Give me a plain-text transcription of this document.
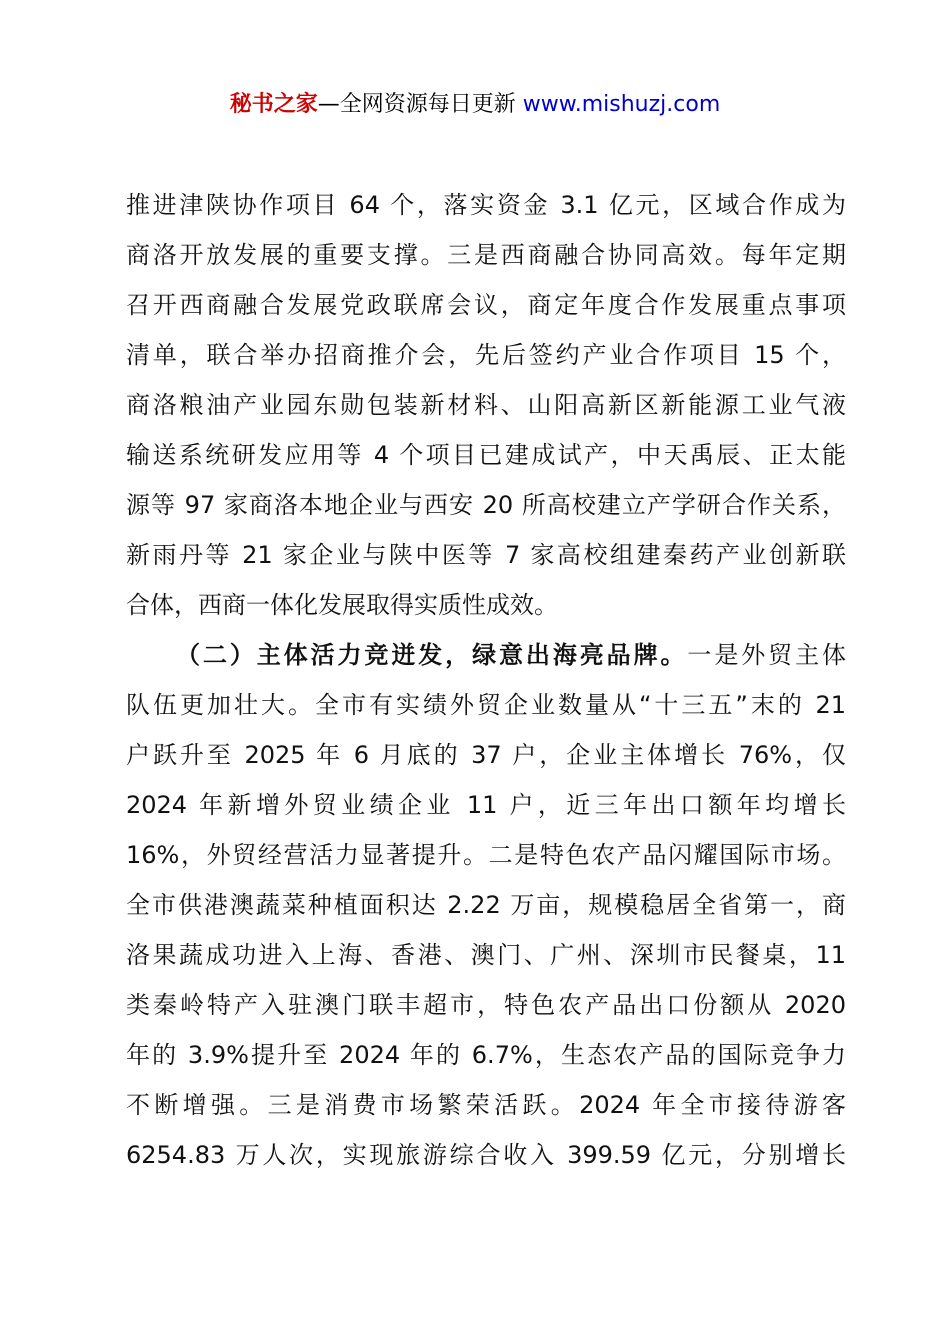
秘书之家—全网资源每日更新 www.mishuzj.com
推进津陕协作项目 64 个，落实资金 3.1 亿元，区域合作成为
商洛开放发展的重要支撑。三是西商融合协同高效。每年定期
召开西商融合发展党政联席会议，商定年度合作发展重点事项
清单，联合举办招商推介会，先后签约产业合作项目 15 个，
商洛粮油产业园东勋包装新材料、山阳高新区新能源工业气液
输送系统研发应用等 4 个项目已建成试产，中天禹辰、正太能
源等 97 家商洛本地企业与西安 20 所高校建立产学研合作关系，
新雨丹等 21 家企业与陕中医等 7 家高校组建秦药产业创新联
合体，西商一体化发展取得实质性成效。
（二）主体活力竞迸发，绿意出海亮品牌。一是外贸主体
队伍更加壮大。全市有实绩外贸企业数量从“十三五”末的 21
户跃升至 2025 年 6 月底的 37 户，企业主体增长 76%，仅
2024 年新增外贸业绩企业 11 户，近三年出口额年均增长
16%，外贸经营活力显著提升。二是特色农产品闪耀国际市场。
全市供港澳蔬菜种植面积达 2.22 万亩，规模稳居全省第一，商
洛果蔬成功进入上海、香港、澳门、广州、深圳市民餐桌，11
类秦岭特产入驻澳门联丰超市，特色农产品出口份额从 2020
年的 3.9%提升至 2024 年的 6.7%，生态农产品的国际竞争力
不断增强。三是消费市场繁荣活跃。2024 年全市接待游客
6254.83 万人次，实现旅游综合收入 399.59 亿元，分别增长
